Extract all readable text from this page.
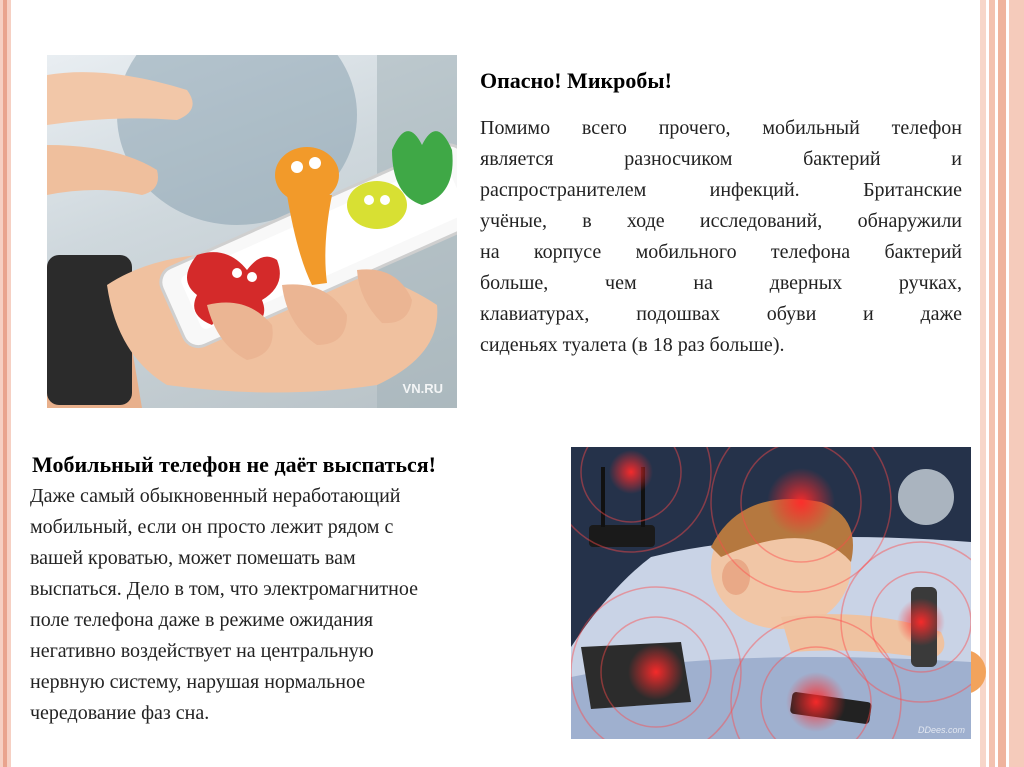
VN.RU
Опасно! Микробы!
Помимо всего прочего, мобильный телефон
является разносчиком бактерий и
распространителем инфекций. Британские
учёные, в ходе исследований, обнаружили
на корпусе мобильного телефона бактерий
больше, чем на дверных ручках,
клавиатурах, подошвах обуви и даже
сиденьях туалета (в 18 раз больше).
Мобильный телефон не даёт выспаться!
Даже самый обыкновенный неработающий
мобильный, если он просто лежит рядом с
вашей кроватью, может помешать вам
выспаться. Дело в том, что электромагнитное
поле телефона даже в режиме ожидания
негативно воздействует на центральную
нервную систему, нарушая нормальное
чередование фаз сна.
DDees.com
